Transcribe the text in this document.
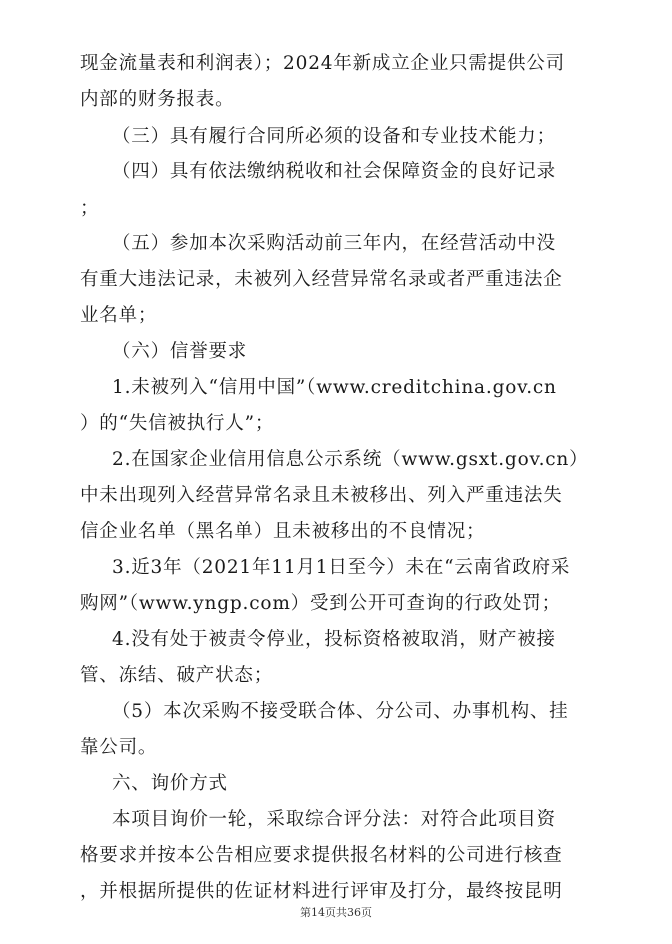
现金流量表和利润表）；2024年新成立企业只需提供公司
内部的财务报表。
（三）具有履行合同所必须的设备和专业技术能力；
（四）具有依法缴纳税收和社会保障资金的良好记录
；
（五）参加本次采购活动前三年内，在经营活动中没
有重大违法记录，未被列入经营异常名录或者严重违法企
业名单；
（六）信誉要求
1.未被列入“信用中国”（www.creditchina.gov.cn
）的“失信被执行人”；
2.在国家企业信用信息公示系统（www.gsxt.gov.cn）
中未出现列入经营异常名录且未被移出、列入严重违法失
信企业名单（黑名单）且未被移出的不良情况；
3.近3年（2021年11月1日至今）未在“云南省政府采
购网”（www.yngp.com）受到公开可查询的行政处罚；
4.没有处于被责令停业，投标资格被取消，财产被接
管、冻结、破产状态；
（5）本次采购不接受联合体、分公司、办事机构、挂
靠公司。
六、询价方式
本项目询价一轮，采取综合评分法：对符合此项目资
格要求并按本公告相应要求提供报名材料的公司进行核查
，并根据所提供的佐证材料进行评审及打分，最终按昆明
第14页共36页
